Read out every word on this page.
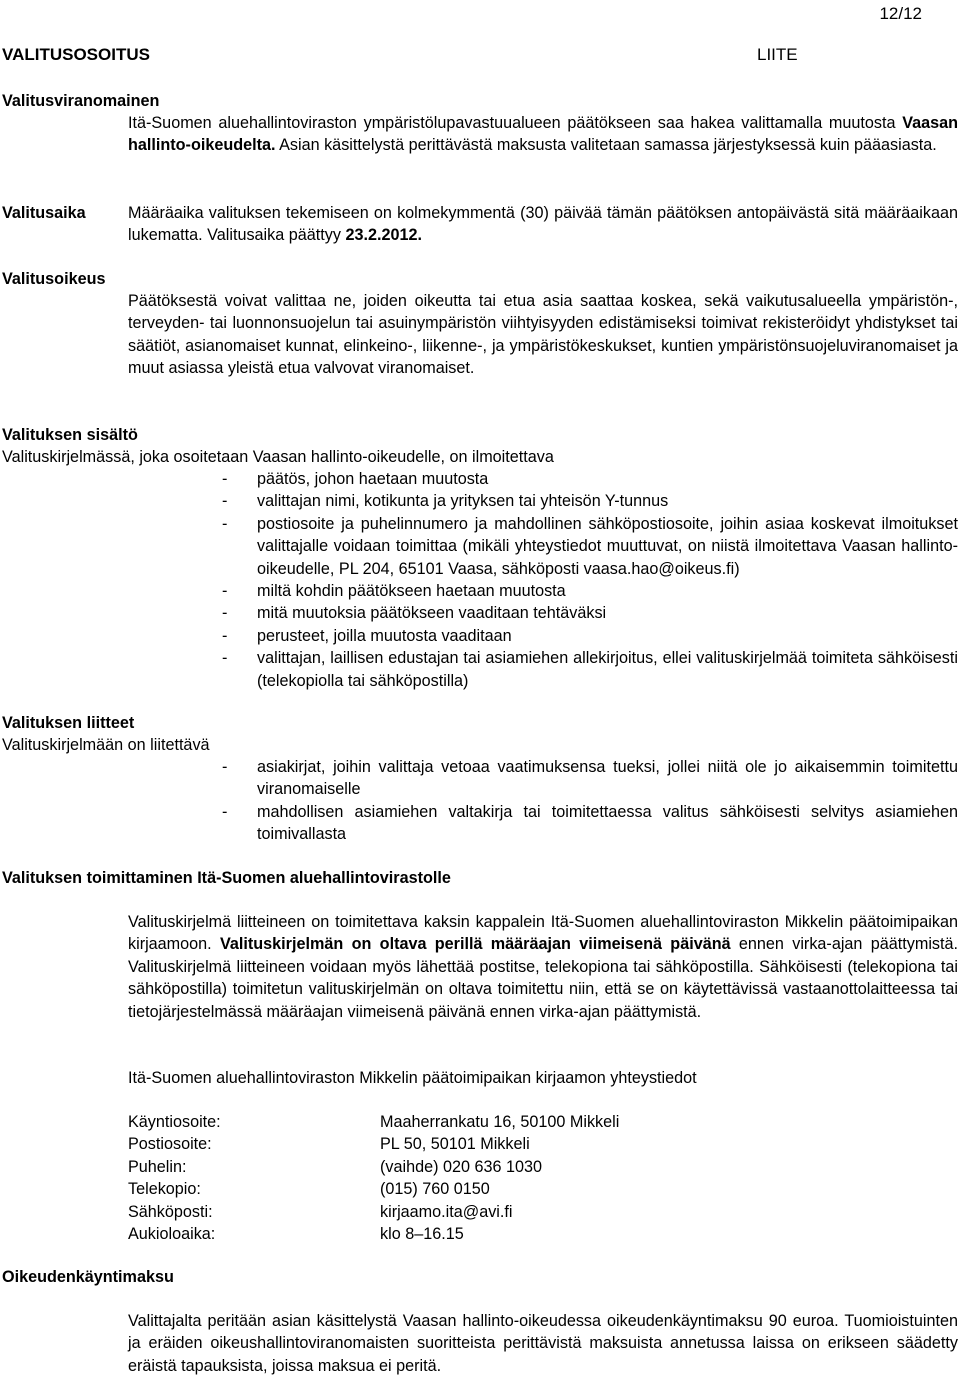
12/12
VALITUSOSOITUS	LIITE
Valitusviranomainen
Itä-Suomen aluehallintoviraston ympäristölupavastuualueen päätökseen saa hakea valittamalla muutosta Vaasan hallinto-oikeudelta. Asian käsittelystä perittävästä maksusta valitetaan samassa järjestyksessä kuin pääasiasta.
Valitusaika	Määräaika valituksen tekemiseen on kolmekymmentä (30) päivää tämän päätöksen antopäivästä sitä määräaikaan lukematta. Valitusaika päättyy 23.2.2012.
Valitusoikeus
Päätöksestä voivat valittaa ne, joiden oikeutta tai etua asia saattaa koskea, sekä vaikutusalueella ympäristön-, terveyden- tai luonnonsuojelun tai asuinympäristön viihtyisyyden edistämiseksi toimivat rekisteröidyt yhdistykset tai säätiöt, asianomaiset kunnat, elinkeino-, liikenne-, ja ympäristökeskukset, kuntien ympäristönsuojeluviranomaiset ja muut asiassa yleistä etua valvovat viranomaiset.
Valituksen sisältö
Valituskirjelmässä, joka osoitetaan Vaasan hallinto-oikeudelle, on ilmoitettava
- päätös, johon haetaan muutosta
- valittajan nimi, kotikunta ja yrityksen tai yhteisön Y-tunnus
- postiosoite ja puhelinnumero ja mahdollinen sähköpostiosoite, joihin asiaa koskevat ilmoitukset valittajalle voidaan toimittaa (mikäli yhteystiedot muuttuvat, on niistä ilmoitettava Vaasan hallinto-oikeudelle, PL 204, 65101 Vaasa, sähköposti vaasa.hao@oikeus.fi)
- miltä kohdin päätökseen haetaan muutosta
- mitä muutoksia päätökseen vaaditaan tehtäväksi
- perusteet, joilla muutosta vaaditaan
- valittajan, laillisen edustajan tai asiamiehen allekirjoitus, ellei valituskirjelmää toimiteta sähköisesti (telekopiolla tai sähköpostilla)
Valituksen liitteet
Valituskirjelmään on liitettävä
- asiakirjat, joihin valittaja vetoaa vaatimuksensa tueksi, jollei niitä ole jo aikaisemmin toimitettu viranomaiselle
- mahdollisen asiamiehen valtakirja tai toimitettaessa valitus sähköisesti selvitys asiamiehen toimivallasta
Valituksen toimittaminen Itä-Suomen aluehallintovirastolle
Valituskirjelmä liitteineen on toimitettava kaksin kappalein Itä-Suomen aluehallintoviraston Mikkelin päätoimipaikan kirjaamoon. Valituskirjelmän on oltava perillä määräajan viimeisenä päivänä ennen virka-ajan päättymistä. Valituskirjelmä liitteineen voidaan myös lähettää postitse, telekopiona tai sähköpostilla. Sähköisesti (telekopiona tai sähköpostilla) toimitetun valituskirjelmän on oltava toimitettu niin, että se on käytettävissä vastaanottolaitteessa tai tietojärjestelmässä määräajan viimeisenä päivänä ennen virka-ajan päättymistä.
Itä-Suomen aluehallintoviraston Mikkelin päätoimipaikan kirjaamon yhteystiedot
Käyntiosoite:	Maaherrankatu 16, 50100 Mikkeli
Postiosoite:	PL 50, 50101 Mikkeli
Puhelin:	(vaihde) 020 636 1030
Telekopio:	(015) 760 0150
Sähköposti:	kirjaamo.ita@avi.fi
Aukioloaika:	klo 8–16.15
Oikeudenkäyntimaksu
Valittajalta peritään asian käsittelystä Vaasan hallinto-oikeudessa oikeudenkäyntimaksu 90 euroa. Tuomioistuinten ja eräiden oikeushallintoviranomaisten suoritteista perittävistä maksuista annetussa laissa on erikseen säädetty eräistä tapauksista, joissa maksua ei peritä.
